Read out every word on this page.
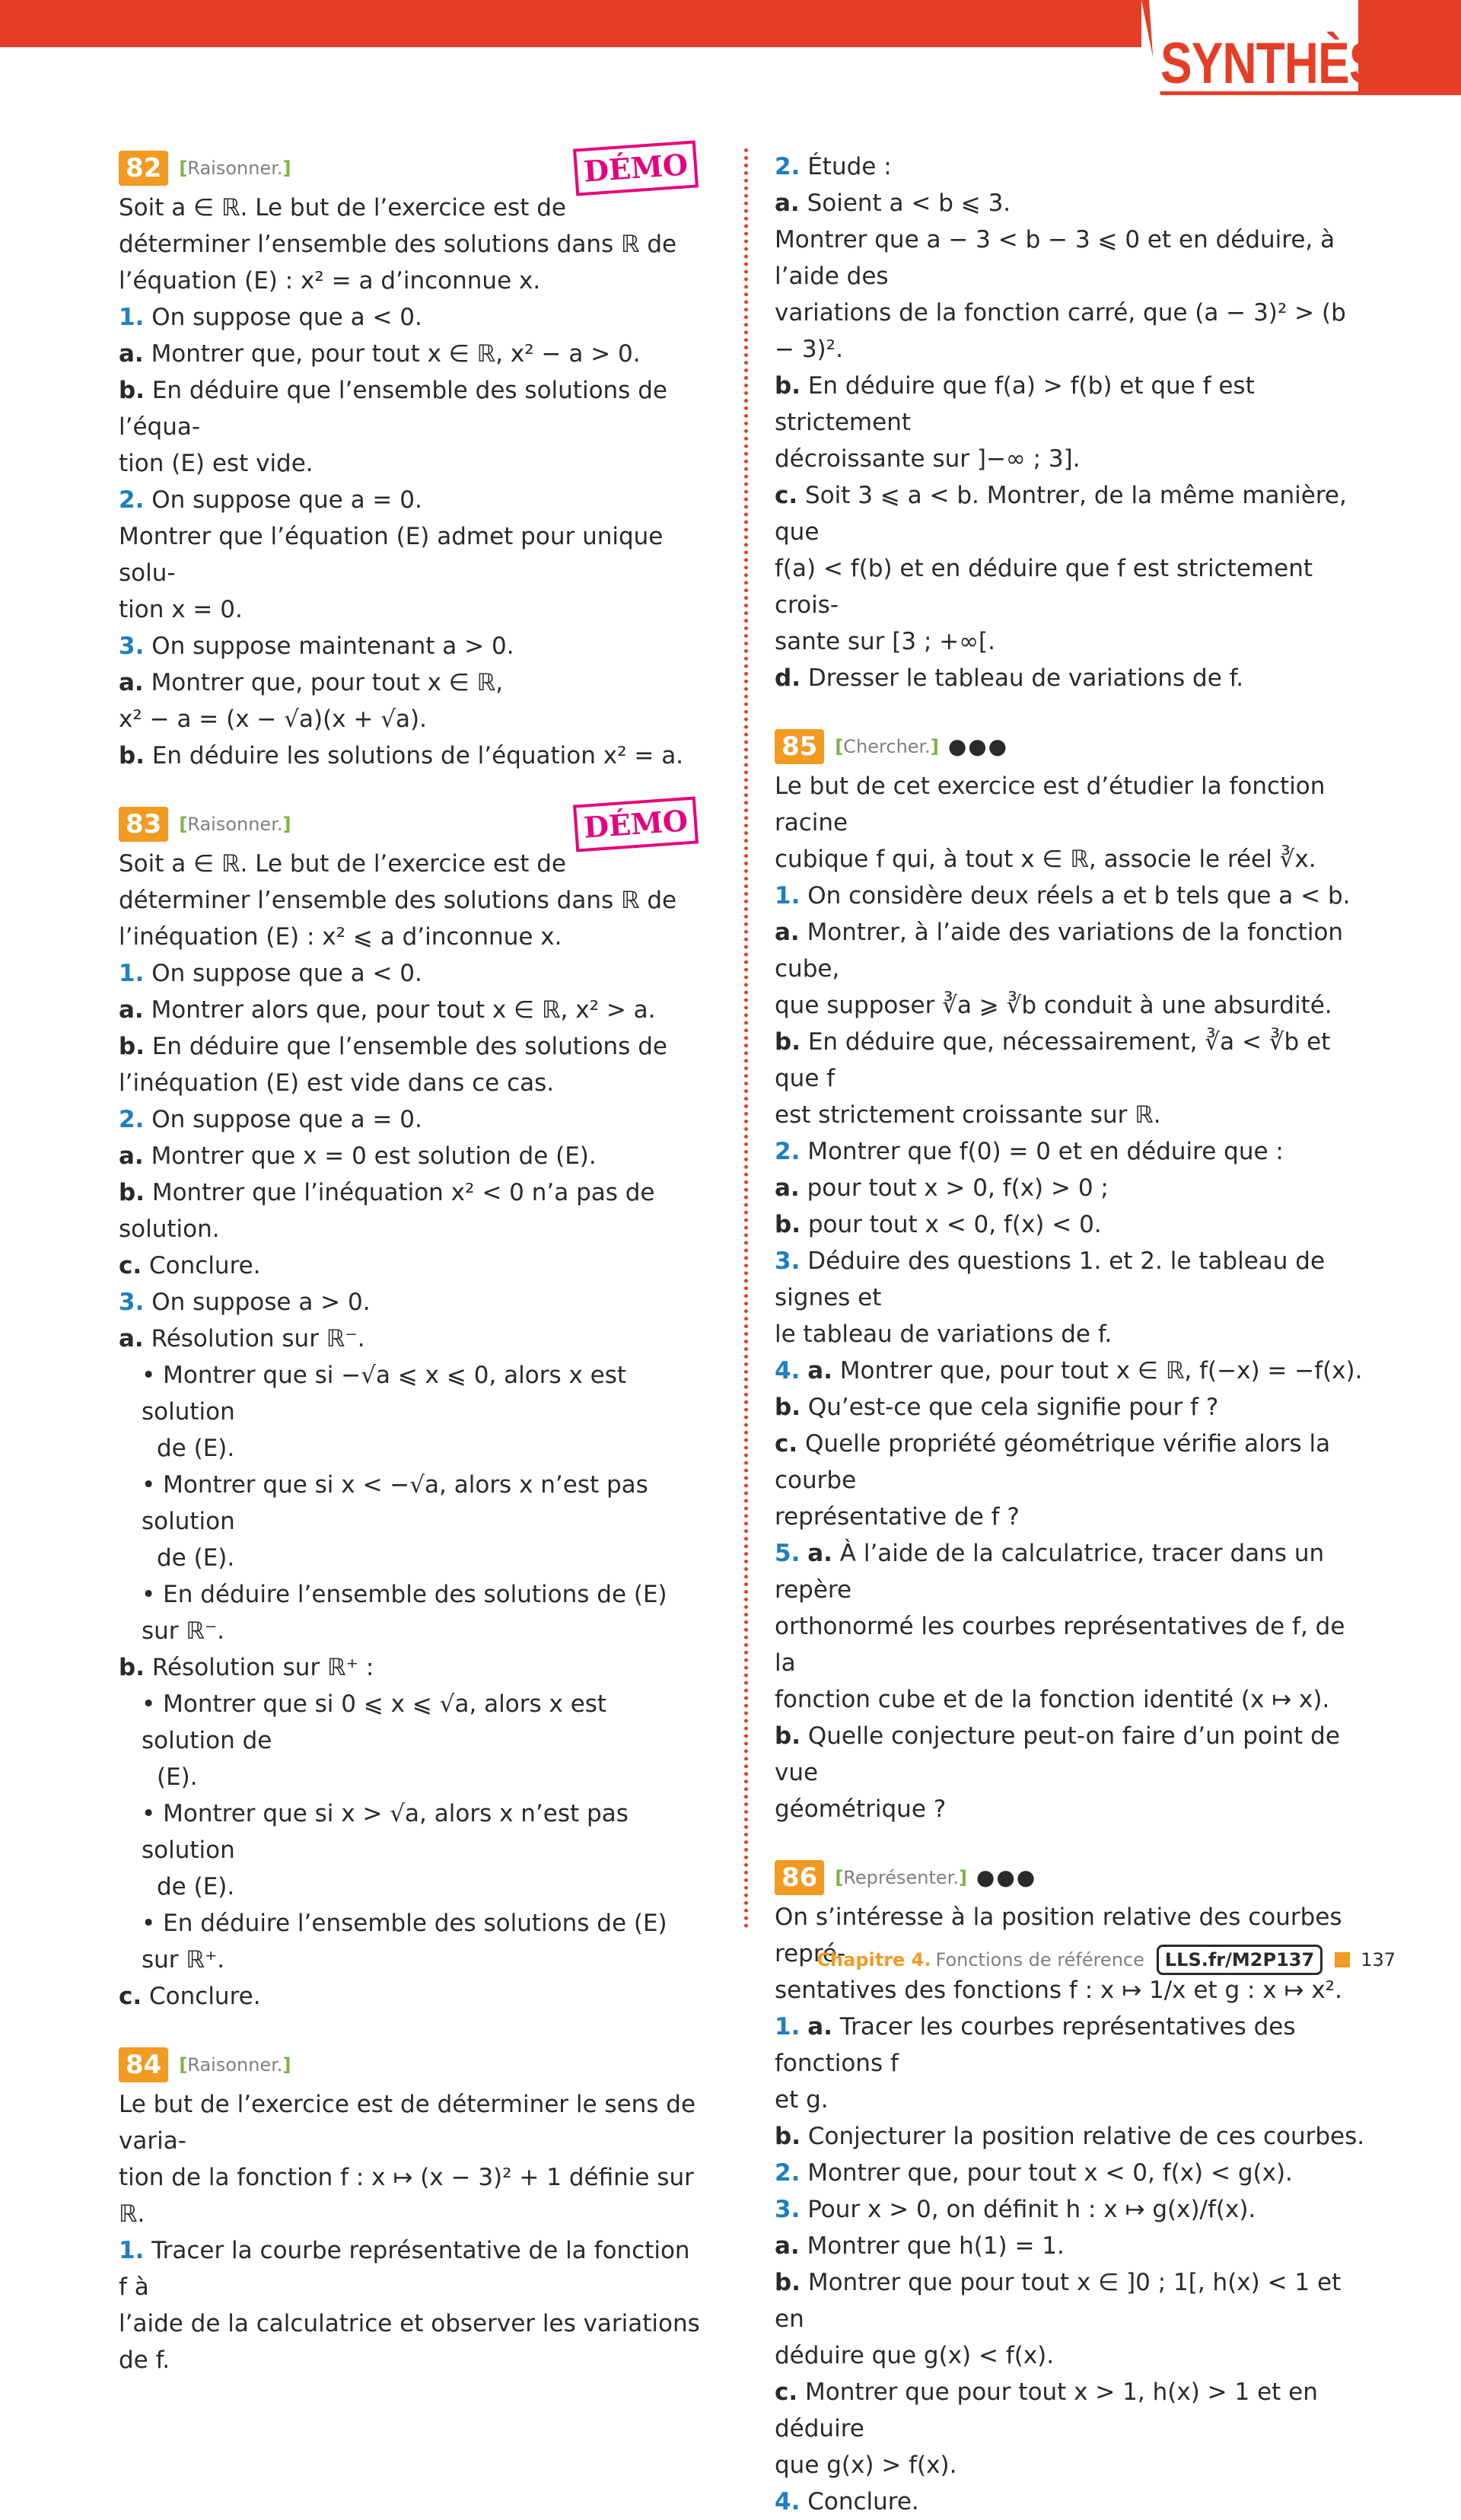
SYNTHÈSE
82 [Raisonner.]	DÉMO

Soit a ∈ ℝ. Le but de l’exercice est de

déterminer l’ensemble des solutions dans ℝ de

l’équation (E) : x² = a d’inconnue x.

1. On suppose que a < 0.

a. Montrer que, pour tout x ∈ ℝ, x² − a > 0.

b. En déduire que l’ensemble des solutions de l’équa-

tion (E) est vide.

2. On suppose que a = 0.

Montrer que l’équation (E) admet pour unique solu-

tion x = 0.

3. On suppose maintenant a > 0.

a. Montrer que, pour tout x ∈ ℝ,

x² − a = (x − √a)(x + √a).

b. En déduire les solutions de l’équation x² = a.

83 [Raisonner.]	DÉMO

Soit a ∈ ℝ. Le but de l’exercice est de

déterminer l’ensemble des solutions dans ℝ de

l’inéquation (E) : x² ⩽ a d’inconnue x.

1. On suppose que a < 0.

a. Montrer alors que, pour tout x ∈ ℝ, x² > a.

b. En déduire que l’ensemble des solutions de

l’inéquation (E) est vide dans ce cas.

2. On suppose que a = 0.

a. Montrer que x = 0 est solution de (E).

b. Montrer que l’inéquation x² < 0 n’a pas de solution.

c. Conclure.

3. On suppose a > 0.

a. Résolution sur ℝ⁻.

• Montrer que si −√a ⩽ x ⩽ 0, alors x est solution

de (E).

• Montrer que si x < −√a, alors x n’est pas solution

de (E).

• En déduire l’ensemble des solutions de (E) sur ℝ⁻.

b. Résolution sur ℝ⁺ :

• Montrer que si 0 ⩽ x ⩽ √a, alors x est solution de

(E).

• Montrer que si x > √a, alors x n’est pas solution

de (E).

• En déduire l’ensemble des solutions de (E) sur ℝ⁺.

c. Conclure.

84 [Raisonner.]

Le but de l’exercice est de déterminer le sens de varia-

tion de la fonction f : x ↦ (x − 3)² + 1 définie sur ℝ.

1. Tracer la courbe représentative de la fonction f à

l’aide de la calculatrice et observer les variations de f.

2. Étude :

a. Soient a < b ⩽ 3.

Montrer que a − 3 < b − 3 ⩽ 0 et en déduire, à l’aide des

variations de la fonction carré, que (a − 3)² > (b − 3)².

b. En déduire que f(a) > f(b) et que f est strictement

décroissante sur ]−∞ ; 3].

c. Soit 3 ⩽ a < b. Montrer, de la même manière, que

f(a) < f(b) et en déduire que f est strictement crois-

sante sur [3 ; +∞[.

d. Dresser le tableau de variations de f.

85 [Chercher.] ●●●

Le but de cet exercice est d’étudier la fonction racine

cubique f qui, à tout x ∈ ℝ, associe le réel ∛x.

1. On considère deux réels a et b tels que a < b.

a. Montrer, à l’aide des variations de la fonction cube,

que supposer ∛a ⩾ ∛b conduit à une absurdité.

b. En déduire que, nécessairement, ∛a < ∛b et que f

est strictement croissante sur ℝ.

2. Montrer que f(0) = 0 et en déduire que :

a. pour tout x > 0, f(x) > 0 ;

b. pour tout x < 0, f(x) < 0.

3. Déduire des questions 1. et 2. le tableau de signes et

le tableau de variations de f.

4. a. Montrer que, pour tout x ∈ ℝ, f(−x) = −f(x).

b. Qu’est-ce que cela signifie pour f ?

c. Quelle propriété géométrique vérifie alors la courbe

représentative de f ?

5. a. À l’aide de la calculatrice, tracer dans un repère

orthonormé les courbes représentatives de f, de la

fonction cube et de la fonction identité (x ↦ x).

b. Quelle conjecture peut-on faire d’un point de vue

géométrique ?

86 [Représenter.] ●●●

On s’intéresse à la position relative des courbes repré-

sentatives des fonctions f : x ↦ 1/x et g : x ↦ x².

1. a. Tracer les courbes représentatives des fonctions f

et g.

b. Conjecturer la position relative de ces courbes.

2. Montrer que, pour tout x < 0, f(x) < g(x).

3. Pour x > 0, on définit h : x ↦ g(x)/f(x).

a. Montrer que h(1) = 1.

b. Montrer que pour tout x ∈ ]0 ; 1[, h(x) < 1 et en

déduire que g(x) < f(x).

c. Montrer que pour tout x > 1, h(x) > 1 et en déduire

que g(x) > f(x).

4. Conclure.

Chapitre 4. Fonctions de référence	LLS.fr/M2P137	137
